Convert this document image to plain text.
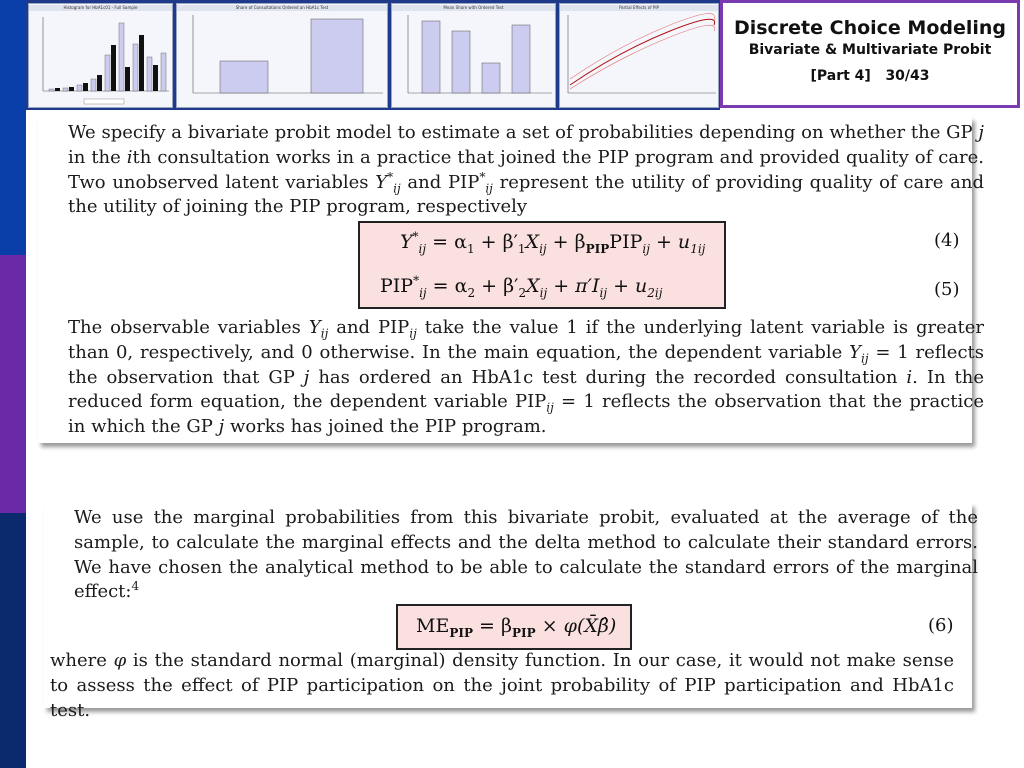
Histogram for HbA1c01 - Full Sample	Share of Consultations Ordered an HbA1c Test	Mean Share with Ordered Test	Partial Effects of PIP
Discrete Choice Modeling
Bivariate & Multivariate Probit
[Part 4] 30/43
We specify a bivariate probit model to estimate a set of probabilities depending on whether the GP j in the ith consultation works in a practice that joined the PIP program and provided quality of care. Two unobserved latent variables $Y^*_{ij}$ and $PIP^*_{ij}$ represent the utility of providing quality of care and the utility of joining the PIP program, respectively
$Y^*_{ij} = \alpha_1 + \beta'_1X_{ij} + \beta_{PIP}PIP_{ij} + u_{1ij}$
$PIP^*_{ij} = \alpha_2 + \beta'_2X_{ij} + \pi'I_{ij} + u_{2ij}$
(4)
(5)
The observable variables $Y_{ij}$ and $PIP_{ij}$ take the value 1 if the underlying latent variable is greater than 0, respectively, and 0 otherwise. In the main equation, the dependent variable $Y_{ij} = 1$ reflects the observation that GP j has ordered an HbA1c test during the recorded consultation i. In the reduced form equation, the dependent variable $PIP_{ij} = 1$ reflects the observation that the practice in which the GP j works has joined the PIP program.
We use the marginal probabilities from this bivariate probit, evaluated at the average of the sample, to calculate the marginal effects and the delta method to calculate their standard errors. We have chosen the analytical method to be able to calculate the standard errors of the marginal effect:$^4$
$ME_{PIP} = \beta_{PIP}$ × φ(X̄β̂)	(6)
where φ is the standard normal (marginal) density function. In our case, it would not make sense to assess the effect of PIP participation on the joint probability of PIP participation and HbA1c test.
